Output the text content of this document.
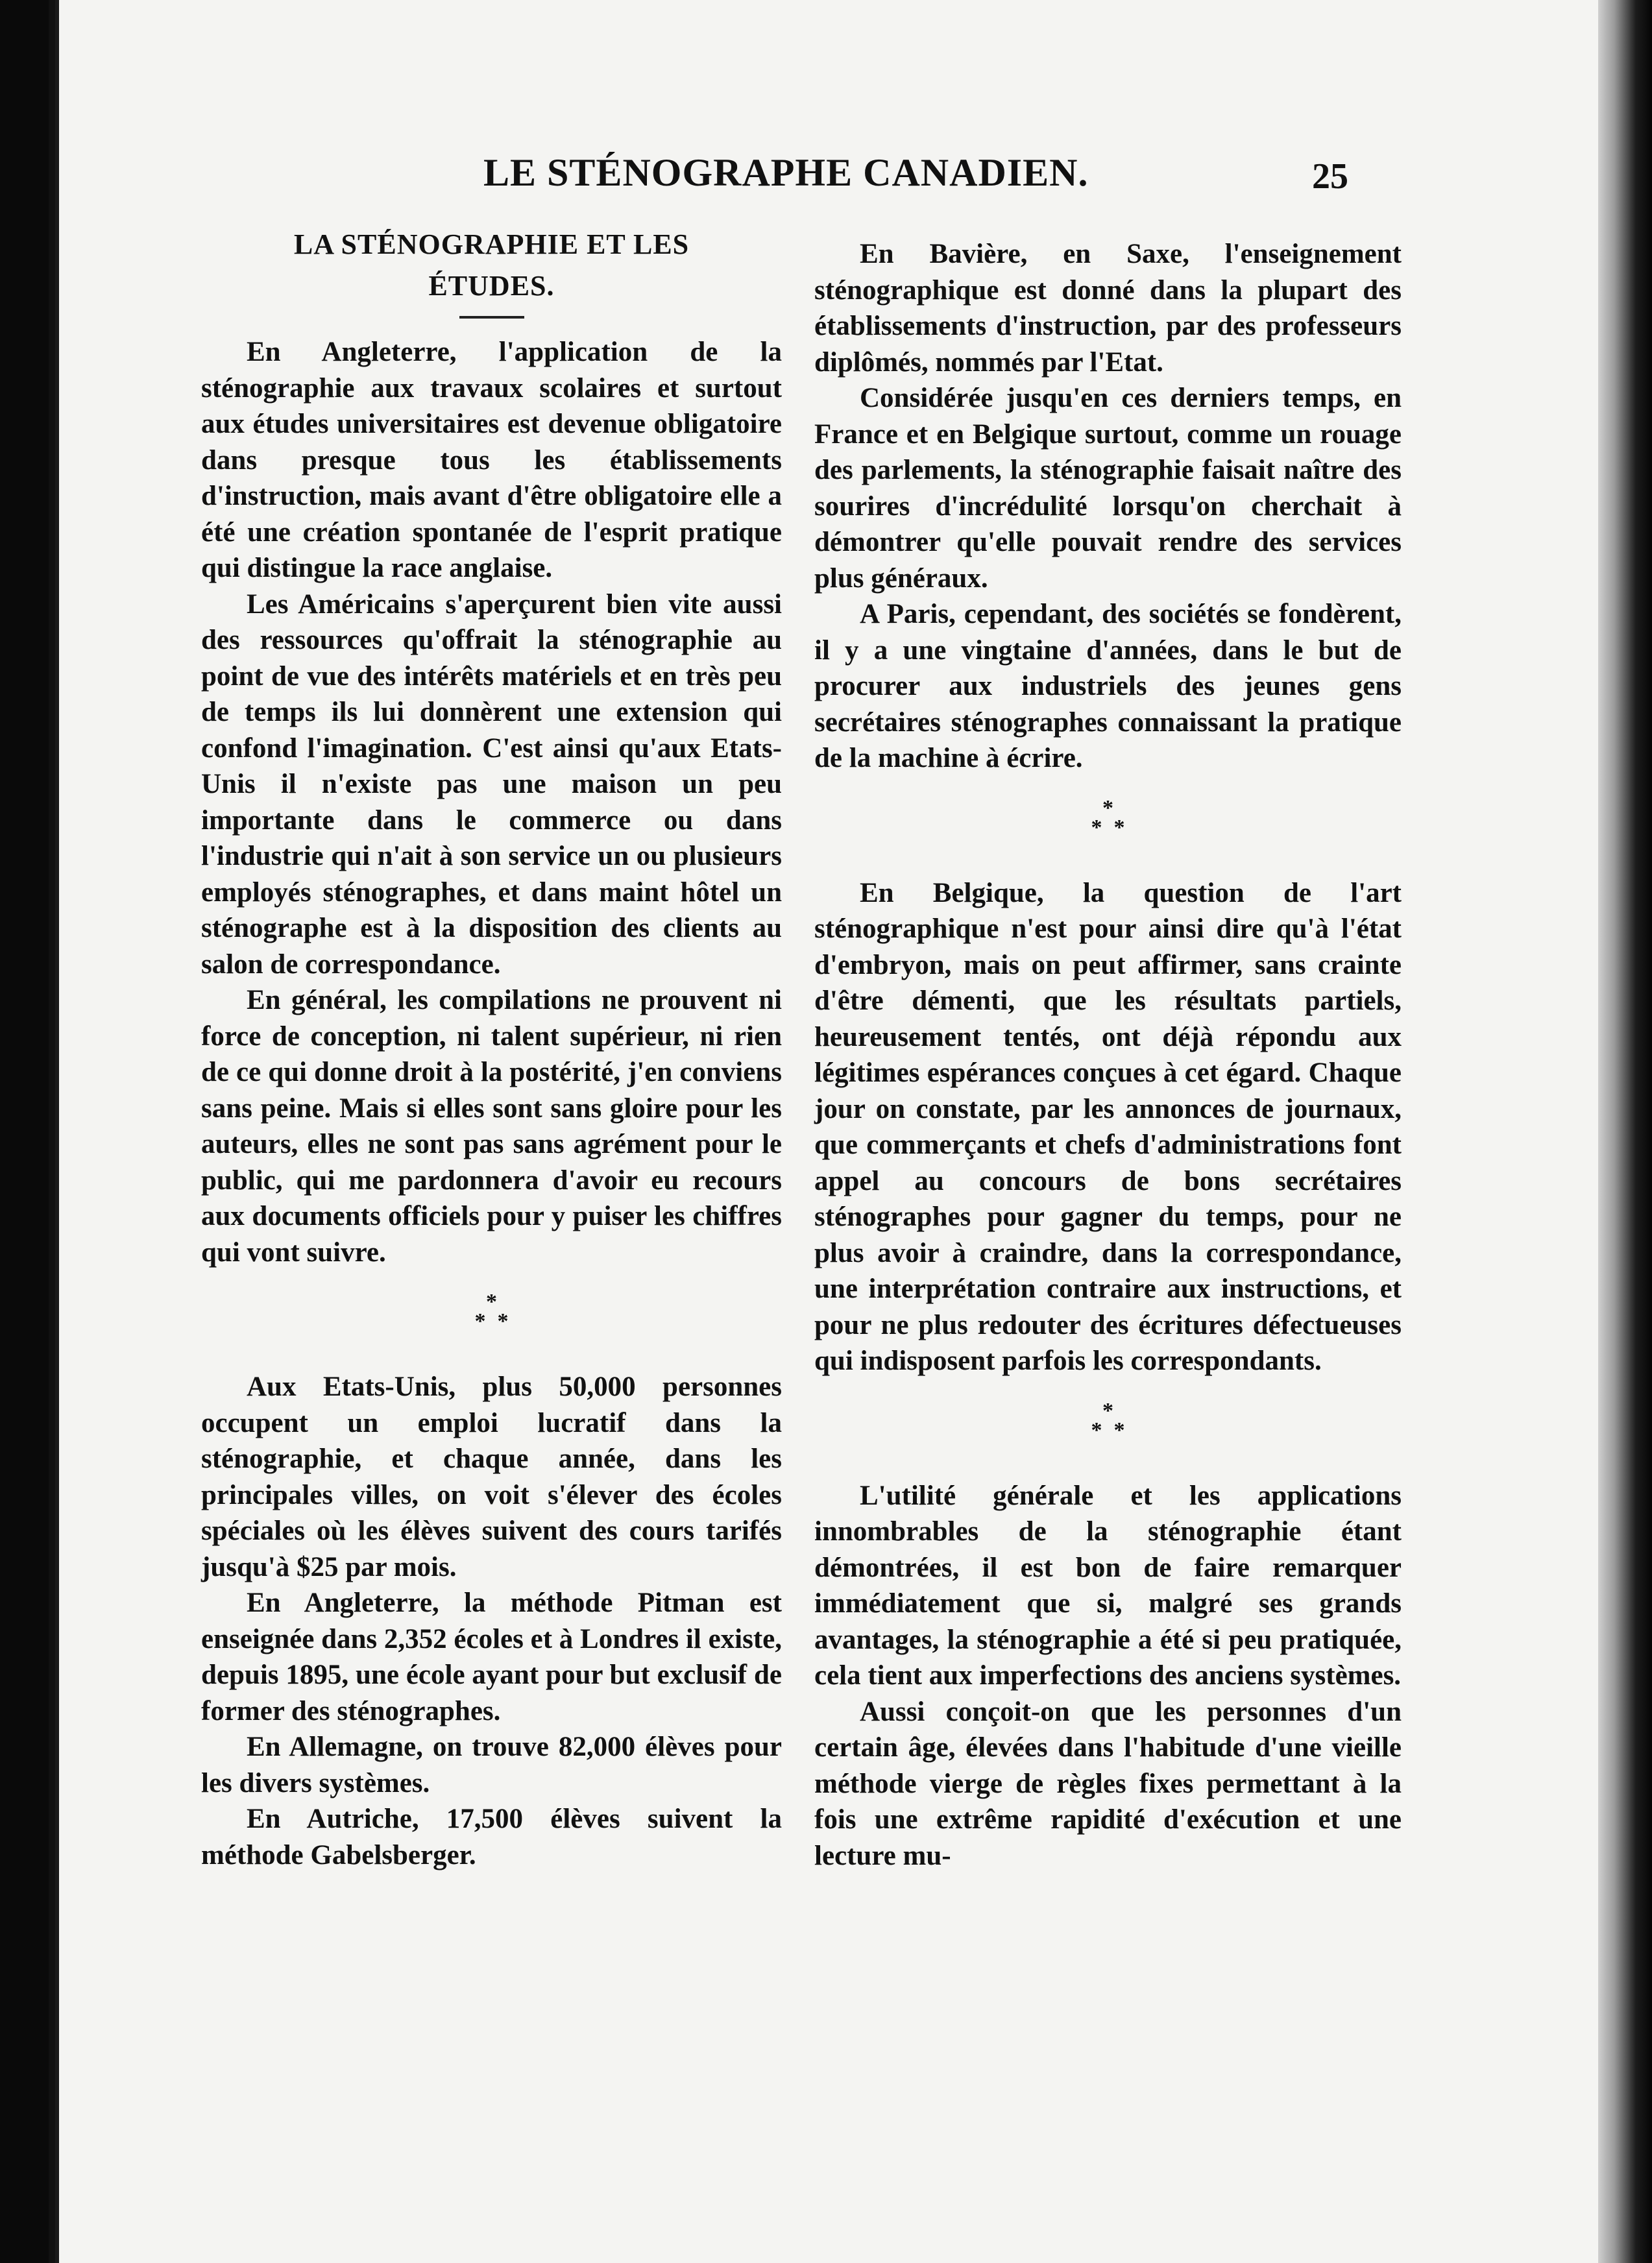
LE STÉNOGRAPHE CANADIEN.	25
LA STÉNOGRAPHIE ET LES
ÉTUDES.

En Angleterre, l'application de la sténographie aux travaux scolaires et surtout aux études universitaires est devenue obligatoire dans presque tous les établissements d'instruction, mais avant d'être obligatoire elle a été une création spontanée de l'esprit pratique qui distingue la race anglaise.

Les Américains s'aperçurent bien vite aussi des ressources qu'offrait la sténographie au point de vue des intérêts matériels et en très peu de temps ils lui donnèrent une extension qui confond l'imagination. C'est ainsi qu'aux Etats-Unis il n'existe pas une maison un peu importante dans le commerce ou dans l'industrie qui n'ait à son service un ou plusieurs employés sténographes, et dans maint hôtel un sténographe est à la disposition des clients au salon de correspondance.

En général, les compilations ne prouvent ni force de conception, ni talent supérieur, ni rien de ce qui donne droit à la postérité, j'en conviens sans peine. Mais si elles sont sans gloire pour les auteurs, elles ne sont pas sans agrément pour le public, qui me pardonnera d'avoir eu recours aux documents officiels pour y puiser les chiffres qui vont suivre.

*
**

Aux Etats-Unis, plus 50,000 personnes occupent un emploi lucratif dans la sténographie, et chaque année, dans les principales villes, on voit s'élever des écoles spéciales où les élèves suivent des cours tarifés jusqu'à $25 par mois.

En Angleterre, la méthode Pitman est enseignée dans 2,352 écoles et à Londres il existe, depuis 1895, une école ayant pour but exclusif de former des sténographes.

En Allemagne, on trouve 82,000 élèves pour les divers systèmes.

En Autriche, 17,500 élèves suivent la méthode Gabelsberger.

En Bavière, en Saxe, l'enseignement sténographique est donné dans la plupart des établissements d'instruction, par des professeurs diplômés, nommés par l'Etat.

Considérée jusqu'en ces derniers temps, en France et en Belgique surtout, comme un rouage des parlements, la sténographie faisait naître des sourires d'incrédulité lorsqu'on cherchait à démontrer qu'elle pouvait rendre des services plus généraux.

A Paris, cependant, des sociétés se fondèrent, il y a une vingtaine d'années, dans le but de procurer aux industriels des jeunes gens secrétaires sténographes connaissant la pratique de la machine à écrire.

*
**

En Belgique, la question de l'art sténographique n'est pour ainsi dire qu'à l'état d'embryon, mais on peut affirmer, sans crainte d'être démenti, que les résultats partiels, heureusement tentés, ont déjà répondu aux légitimes espérances conçues à cet égard. Chaque jour on constate, par les annonces de journaux, que commerçants et chefs d'administrations font appel au concours de bons secrétaires sténographes pour gagner du temps, pour ne plus avoir à craindre, dans la correspondance, une interprétation contraire aux instructions, et pour ne plus redouter des écritures défectueuses qui indisposent parfois les correspondants.

*
**

L'utilité générale et les applications innombrables de la sténographie étant démontrées, il est bon de faire remarquer immédiatement que si, malgré ses grands avantages, la sténographie a été si peu pratiquée, cela tient aux imperfections des anciens systèmes.

Aussi conçoit-on que les personnes d'un certain âge, élevées dans l'habitude d'une vieille méthode vierge de règles fixes permettant à la fois une extrême rapidité d'exécution et une lecture mu-
